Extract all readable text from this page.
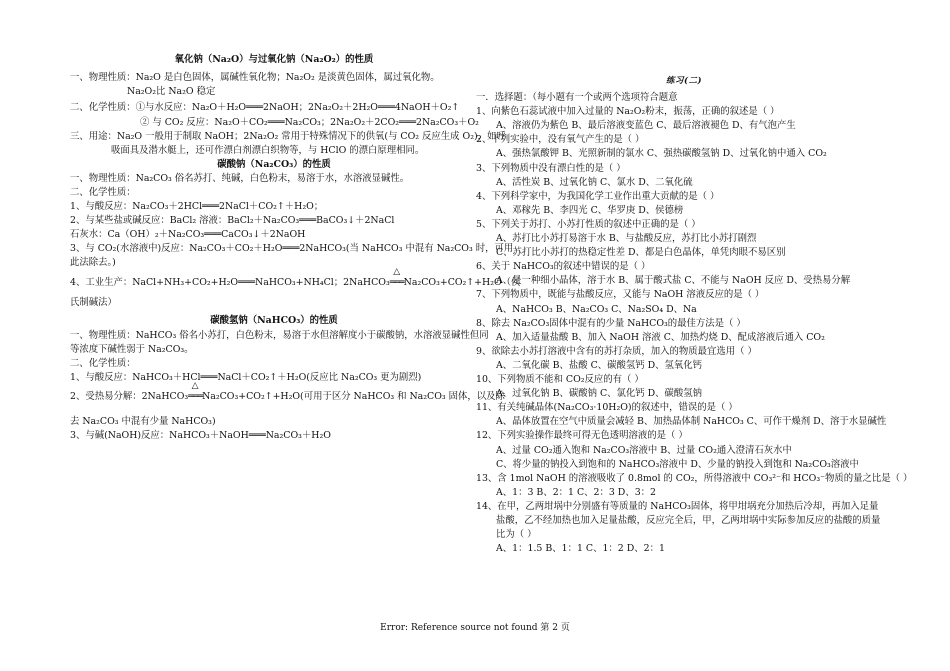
氧化钠（Na₂O）与过氧化钠（Na₂O₂）的性质
一、物理性质：Na₂O 是白色固体，属碱性氧化物；Na₂O₂ 是淡黄色固体，属过氧化物。
Na₂O₂比 Na₂O 稳定
二、化学性质：①与水反应：Na₂O＋H₂O═══2NaOH；2Na₂O₂＋2H₂O═══4NaOH＋O₂↑
② 与 CO₂ 反应：Na₂O＋CO₂═══Na₂CO₃；2Na₂O₂＋2CO₂═══2Na₂CO₃＋O₂
三、用途：Na₂O 一般用于制取 NaOH；2Na₂O₂ 常用于特殊情况下的供氧(与 CO₂ 反应生成 O₂)，如呼
吸面具及潜水艇上，还可作漂白剂漂白织物等，与 HClO 的漂白原理相同。
碳酸钠（Na₂CO₃）的性质
一、物理性质：Na₂CO₃ 俗名苏打、纯碱，白色粉末，易溶于水，水溶液显碱性。
二、化学性质：
1、与酸反应：Na₂CO₃＋2HCl═══2NaCl＋CO₂↑＋H₂O；
2、与某些盐或碱反应：BaCl₂ 溶液：BaCl₂＋Na₂CO₃═══BaCO₃↓＋2NaCl
石灰水：Ca（OH）₂＋Na₂CO₃═══CaCO₃↓＋2NaOH
3、与 CO₂(水溶液中)反应：Na₂CO₃＋CO₂＋H₂O═══2NaHCO₃(当 NaHCO₃ 中混有 Na₂CO₃ 时，可用
此法除去。)
4、工业生产：NaCl+NH₃+CO₂+H₂O═══NaHCO₃+NH₄Cl；2NaHCO₃
△
═══Na₂CO₃+CO₂↑+H₂O（侯
氏制碱法）
碳酸氢钠（NaHCO₃）的性质
一、物理性质：NaHCO₃ 俗名小苏打，白色粉末，易溶于水但溶解度小于碳酸钠，水溶液显碱性但同
等浓度下碱性弱于 Na₂CO₃。
二、化学性质：
1、与酸反应：NaHCO₃＋HCl═══NaCl＋CO₂↑＋H₂O(反应比 Na₂CO₃ 更为剧烈)
2、受热易分解：2NaHCO₃
△
═══Na₂CO₃+CO₂↑+H₂O(可用于区分 NaHCO₃ 和 Na₂CO₃ 固体，以及除
去 Na₂CO₃ 中混有少量 NaHCO₃)
3、与碱(NaOH)反应：NaHCO₃＋NaOH═══Na₂CO₃＋H₂O
练习(二)
一．选择题：（每小题有一个或两个选项符合题意
1、向紫色石蕊试液中加入过量的 Na₂O₂粉末，振荡，正确的叙述是（ ）
A、溶液仍为紫色 B、最后溶液变蓝色 C、最后溶液褪色 D、有气泡产生
2、下列实验中，没有氧气产生的是（ ）
A、强热氯酸钾 B、光照新制的氯水 C、强热碳酸氢钠 D、过氧化钠中通入 CO₂
3、下列物质中没有漂白性的是（ ）
A、活性炭 B、过氧化钠 C、氯水 D、二氧化硫
4、下列科学家中，为我国化学工业作出重大贡献的是（ ）
A、邓稼先 B、李四光 C、华罗庚 D、侯德榜
5、下列关于苏打、小苏打性质的叙述中正确的是（ ）
A、苏打比小苏打易溶于水 B、与盐酸反应，苏打比小苏打剧烈
C、苏打比小苏打的热稳定性差 D、都是白色晶体，单凭肉眼不易区别
6、关于 NaHCO₃的叙述中错误的是（ ）
A、是一种细小晶体，溶于水 B、属于酸式盐 C、不能与 NaOH 反应 D、受热易分解
7、下列物质中，既能与盐酸反应，又能与 NaOH 溶液反应的是（ ）
A、NaHCO₃ B、Na₂CO₃ C、Na₂SO₄ D、Na
8、除去 Na₂CO₃固体中混有的少量 NaHCO₃的最佳方法是（ ）
A、加入适量盐酸 B、加入 NaOH 溶液 C、加热灼烧 D、配成溶液后通入 CO₂
9、欲除去小苏打溶液中含有的苏打杂质，加入的物质最宜选用（ ）
A、二氧化碳 B、盐酸 C、碳酸氢钙 D、氢氧化钙
10、下列物质不能和 CO₂反应的有（ ）
A、过氧化钠 B、碳酸钠 C、氯化钙 D、碳酸氢钠
11、有关纯碱晶体(Na₂CO₃·10H₂O)的叙述中，错误的是（ ）
A、晶体放置在空气中质量会减轻 B、加热晶体制 NaHCO₃ C、可作干燥剂 D、溶于水显碱性
12、下列实验操作最终可得无色透明溶液的是（ ）
A、过量 CO₂通入饱和 Na₂CO₃溶液中 B、过量 CO₂通入澄清石灰水中
C、将少量的钠投入到饱和的 NaHCO₃溶液中 D、少量的钠投入到饱和 Na₂CO₃溶液中
13、含 1mol NaOH 的溶液吸收了 0.8mol 的 CO₂，所得溶液中 CO₃²⁻和 HCO₃⁻物质的量之比是（ ）
A、1：3 B、2：1 C、2：3 D、3：2
14、在甲，乙两坩埚中分别盛有等质量的 NaHCO₃固体，将甲坩埚充分加热后冷却，再加入足量
盐酸，乙不经加热也加入足量盐酸，反应完全后，甲，乙两坩埚中实际参加反应的盐酸的质量
比为（ ）
A、1：1.5 B、1：1 C、1：2 D、2：1
Error: Reference source not found 第 2 页
